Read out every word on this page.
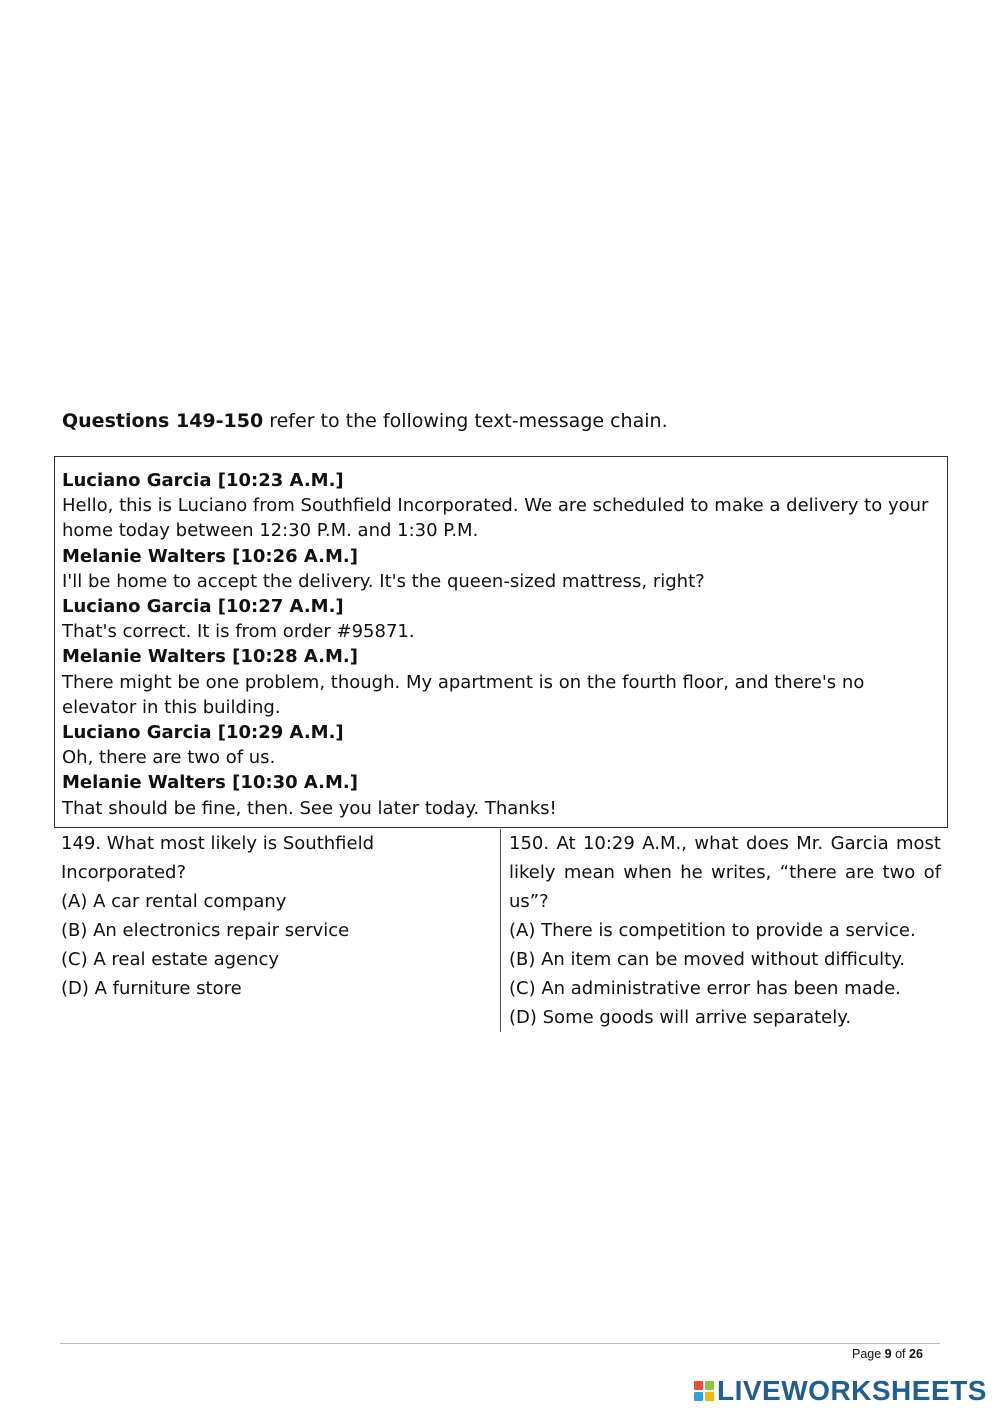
Questions 149-150 refer to the following text-message chain.
Luciano Garcia [10:23 A.M.]
Hello, this is Luciano from Southfield Incorporated. We are scheduled to make a delivery to your home today between 12:30 P.M. and 1:30 P.M.
Melanie Walters [10:26 A.M.]
I'll be home to accept the delivery. It's the queen-sized mattress, right?
Luciano Garcia [10:27 A.M.]
That's correct. It is from order #95871.
Melanie Walters [10:28 A.M.]
There might be one problem, though. My apartment is on the fourth floor, and there's no elevator in this building.
Luciano Garcia [10:29 A.M.]
Oh, there are two of us.
Melanie Walters [10:30 A.M.]
That should be fine, then. See you later today. Thanks!
149. What most likely is Southfield Incorporated?
(A) A car rental company
(B) An electronics repair service
(C) A real estate agency
(D) A furniture store
150. At 10:29 A.M., what does Mr. Garcia most likely mean when he writes, “there are two of us”?
(A) There is competition to provide a service.
(B) An item can be moved without difficulty.
(C) An administrative error has been made.
(D) Some goods will arrive separately.
Page 9 of 26
LIVEWORKSHEETS
